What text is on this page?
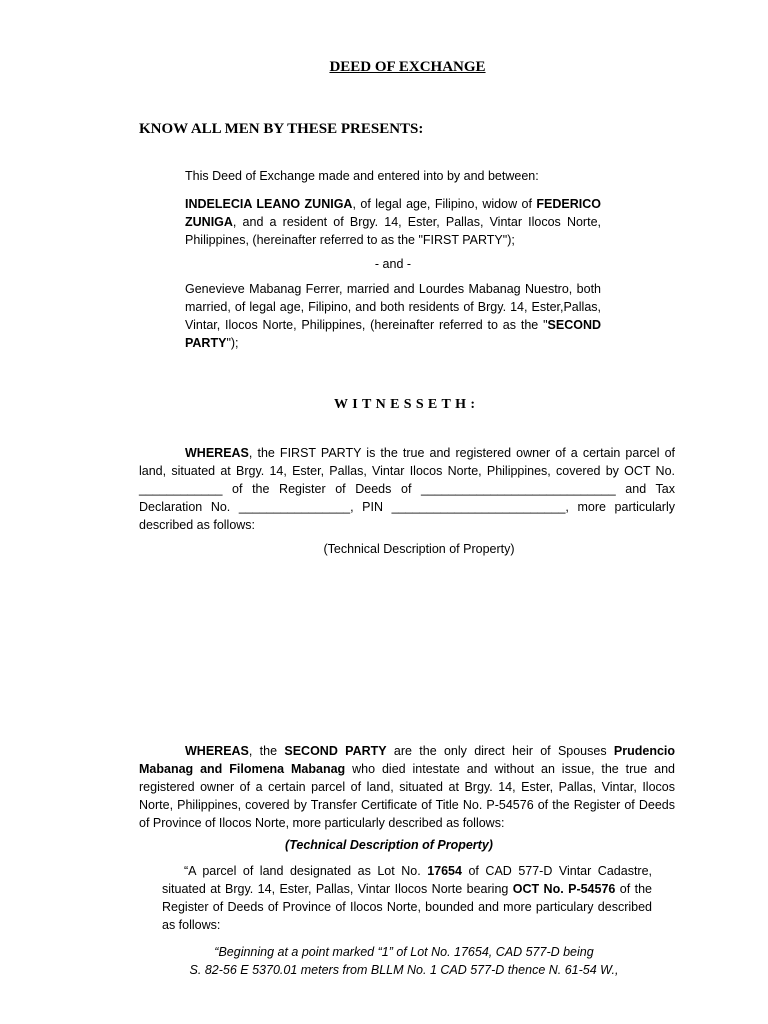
DEED OF EXCHANGE
KNOW ALL MEN BY THESE PRESENTS:
This Deed of Exchange made and entered into by and between:
INDELECIA LEANO ZUNIGA, of legal age, Filipino, widow of FEDERICO ZUNIGA, and a resident of Brgy. 14, Ester, Pallas, Vintar Ilocos Norte, Philippines, (hereinafter referred to as the "FIRST PARTY");
- and -
Genevieve Mabanag Ferrer, married and Lourdes Mabanag Nuestro, both married, of legal age, Filipino, and both residents of Brgy. 14, Ester,Pallas, Vintar, Ilocos Norte, Philippines, (hereinafter referred to as the "SECOND PARTY");
WITNESSETH:
WHEREAS, the FIRST PARTY is the true and registered owner of a certain parcel of land, situated at Brgy. 14, Ester, Pallas, Vintar Ilocos Norte, Philippines, covered by OCT No. ____________ of the Register of Deeds of ____________________________ and Tax Declaration No. ________________, PIN _________________________, more particularly described as follows:
(Technical Description of Property)
WHEREAS, the SECOND PARTY are the only direct heir of Spouses Prudencio Mabanag and Filomena Mabanag who died intestate and without an issue, the true and registered owner of a certain parcel of land, situated at Brgy. 14, Ester, Pallas, Vintar, Ilocos Norte, Philippines, covered by Transfer Certificate of Title No. P-54576 of the Register of Deeds of Province of Ilocos Norte, more particularly described as follows:
(Technical Description of Property)
“A parcel of land designated as Lot No. 17654 of CAD 577-D Vintar Cadastre, situated at Brgy. 14, Ester, Pallas, Vintar Ilocos Norte bearing OCT No. P-54576 of the Register of Deeds of Province of Ilocos Norte, bounded and more particulary described as follows:
“Beginning at a point marked “1” of Lot No. 17654, CAD 577-D being
S. 82-56 E 5370.01 meters from BLLM No. 1 CAD 577-D thence N. 61-54 W.,
